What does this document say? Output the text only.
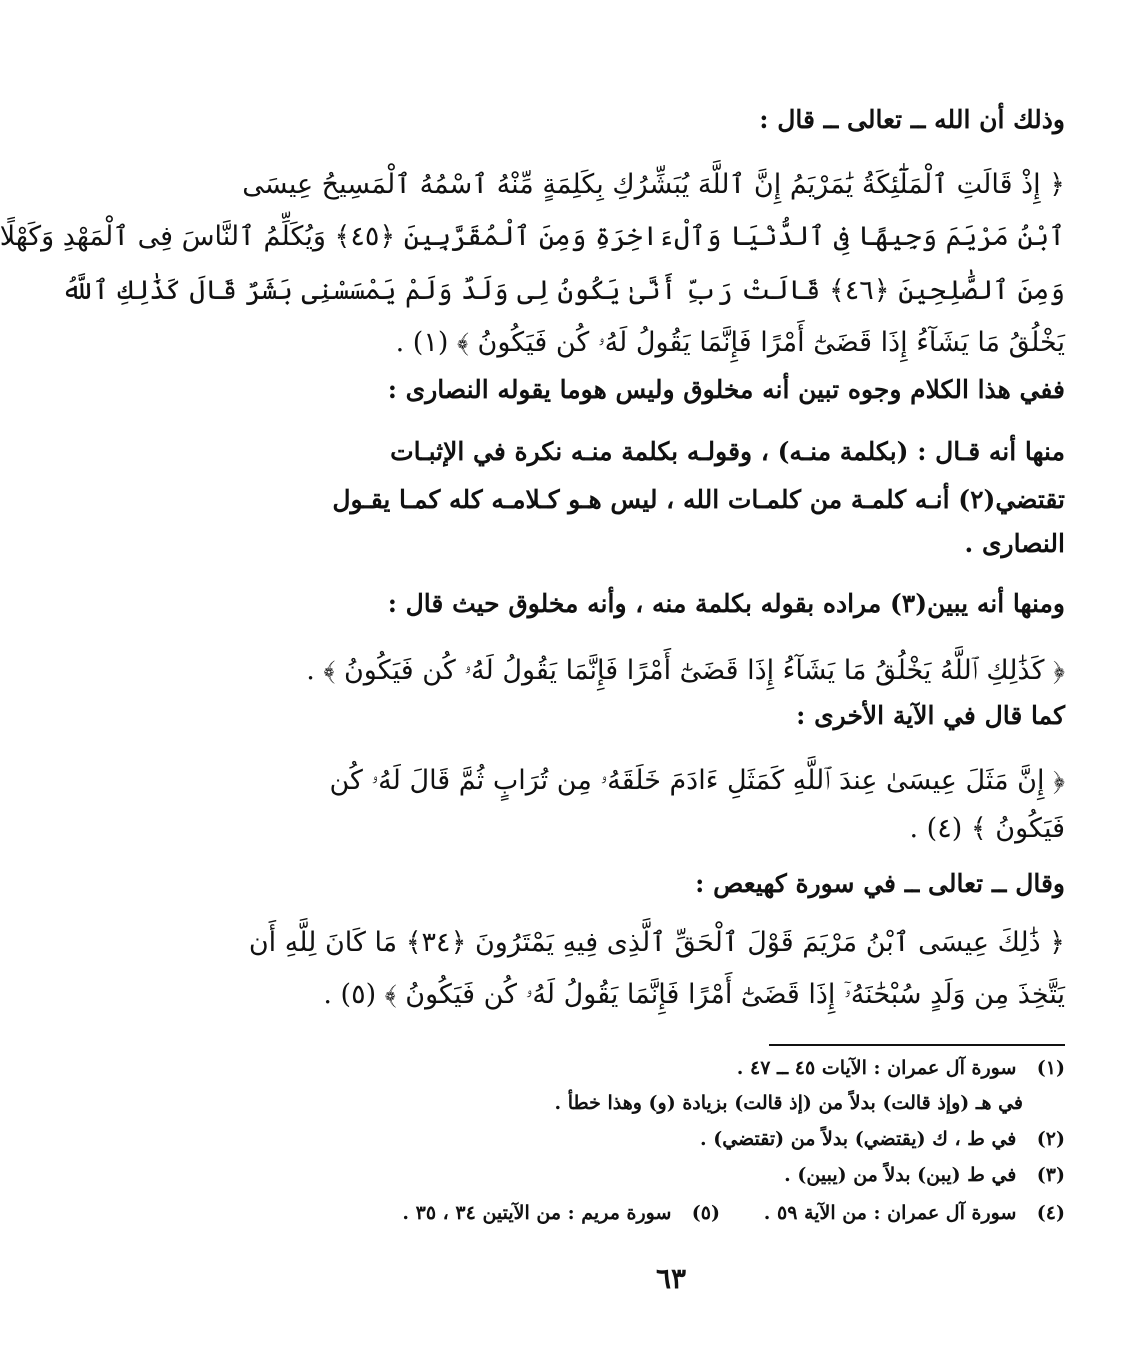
وذلك أن الله ــ تعالى ــ قال :
﴿ إِذْ قَالَتِ ٱلْمَلَٰٓئِكَةُ يَٰمَرْيَمُ إِنَّ ٱللَّهَ يُبَشِّرُكِ بِكَلِمَةٍ مِّنْهُ ٱسْمُهُ ٱلْمَسِيحُ عِيسَى
ٱبْنُ مَرْيَمَ وَجِيهًا فِى ٱلدُّنْيَا وَٱلْءَاخِرَةِ وَمِنَ ٱلْمُقَرَّبِينَ ﴿٤٥﴾ وَيُكَلِّمُ ٱلنَّاسَ فِى ٱلْمَهْدِ وَكَهْلًا
وَمِنَ ٱلصَّٰلِحِينَ ﴿٤٦﴾ قَالَتْ رَبِّ أَنَّىٰ يَكُونُ لِى وَلَدٌ وَلَمْ يَمْسَسْنِى بَشَرٌ قَالَ كَذَٰلِكِ ٱللَّهُ
يَخْلُقُ مَا يَشَآءُ إِذَا قَضَىٰٓ أَمْرًا فَإِنَّمَا يَقُولُ لَهُۥ كُن فَيَكُونُ ﴾ (١) .
ففي هذا الكلام وجوه تبين أنه مخلوق وليس هوما يقوله النصارى :
منها أنه قـال : (بكلمة منـه) ، وقولـه بكلمة منـه نكرة في الإثبـات
تقتضي(٢) أنـه كلمـة من كلمـات الله ، ليس هـو كـلامـه كله كمـا يقـول
النصارى .
ومنها أنه يبين(٣) مراده بقوله بكلمة منه ، وأنه مخلوق حيث قال :
﴿ كَذَٰلِكِ ٱللَّهُ يَخْلُقُ مَا يَشَآءُ إِذَا قَضَىٰٓ أَمْرًا فَإِنَّمَا يَقُولُ لَهُۥ كُن فَيَكُونُ ﴾ .
كما قال في الآية الأخرى :
﴿ إِنَّ مَثَلَ عِيسَىٰ عِندَ ٱللَّهِ كَمَثَلِ ءَادَمَ خَلَقَهُۥ مِن تُرَابٍ ثُمَّ قَالَ لَهُۥ كُن
فَيَكُونُ ﴾ (٤) .
وقال ــ تعالى ــ في سورة كهيعص :
﴿ ذَٰلِكَ عِيسَى ٱبْنُ مَرْيَمَ قَوْلَ ٱلْحَقِّ ٱلَّذِى فِيهِ يَمْتَرُونَ ﴿٣٤﴾ مَا كَانَ لِلَّهِ أَن
يَتَّخِذَ مِن وَلَدٍ سُبْحَٰنَهُۥٓ إِذَا قَضَىٰٓ أَمْرًا فَإِنَّمَا يَقُولُ لَهُۥ كُن فَيَكُونُ ﴾ (٥) .
(١) سورة آل عمران : الآيات ٤٥ ــ ٤٧ .
في هـ (وإذ قالت) بدلاً من (إذ قالت) بزيادة (و) وهذا خطأ .
(٢) في ط ، ك (يقتضي) بدلاً من (تقتضي) .
(٣) في ط (يبن) بدلاً من (يبين) .
(٤) سورة آل عمران : من الآية ٥٩ .
(٥) سورة مريم : من الآيتين ٣٤ ، ٣٥ .
٦٣
